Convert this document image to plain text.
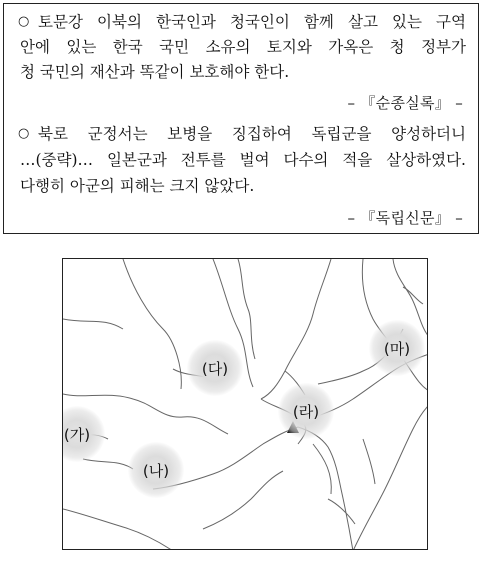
○ 토문강 이북의 한국인과 청국인이 함께 살고 있는 구역
안에 있는 한국 국민 소유의 토지와 가옥은 청 정부가
청 국민의 재산과 똑같이 보호해야 한다.
– 『순종실록』 –
○ 북로 군정서는 보병을 징집하여 독립군을 양성하더니
…(중략)… 일본군과 전투를 벌여 다수의 적을 살상하였다.
다행히 아군의 피해는 크지 않았다.
– 『독립신문』 –
(가)
(나)
(다)
(라)
(마)
